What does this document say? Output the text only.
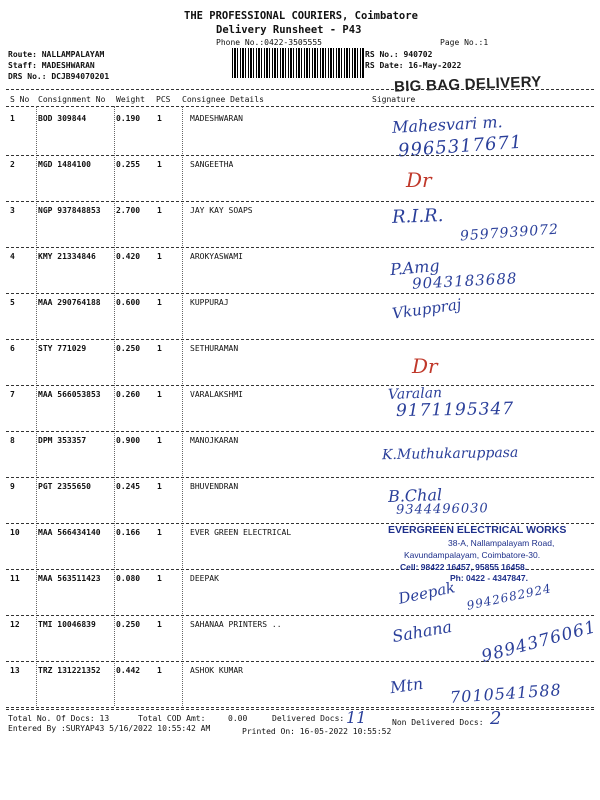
THE PROFESSIONAL COURIERS, Coimbatore
Delivery Runsheet - P43
Phone No.:0422-3505555	Page No.:1
Route: NALLAMPALAYAM
Staff: MADESHWARAN
DRS No.: DCJB94070201
RS No.: 940702
RS Date: 16-May-2022
BIG BAG DELIVERY
S No Consignment No Weight PCS Consignee Details	Signature
1	BOD 309844	0.190 1	MADESHWARAN	Mahesvari m.
9965317671
2	MGD 1484100	0.255 1	SANGEETHA
Dr
3	NGP 937848853 2.700 1	JAY KAY SOAPS	R.I.R.
9597939072
4	KMY 21334846	0.420 1	AROKYASWAMI	P.Amg
9043183688
5	MAA 290764188 0.600 1	KUPPURAJ	Vkuppraj
6	STY 771029	0.250 1	SETHURAMAN
Dr
7	MAA 566053853 0.260 1	VARALAKSHMI	Varalan
9171195347
8	DPM 353357	0.900 1	MANOJKARAN
K.Muthukaruppasa
9	PGT 2355650	0.245 1	BHUVENDRAN	B.Chal
9344496030
10 MAA 566434140 0.166 1	EVER GREEN ELECTRICAL
11 MAA 563511423 0.080 1	DEEPAK	Deepak 9942682924
12 TMI 10046839	0.250 1	SAHANAA PRINTERS ..	Sahana 9894376061
13 TRZ 131221352 0.442 1	ASHOK KUMAR
Mtn 7010541588
EVERGREEN ELECTRICAL WORKS
38-A, Nallampalayam Road,
Kavundampalayam, Coimbatore-30.
Cell: 98422 16457, 95855 16458.
Ph: 0422 - 4347847.
Total No. Of Docs: 13	Total COD Amt:	0.00	Delivered Docs: 11	Non Delivered Docs: 2
Entered By :SURYAP43 5/16/2022 10:55:42 AM	Printed On: 16-05-2022 10:55:52
